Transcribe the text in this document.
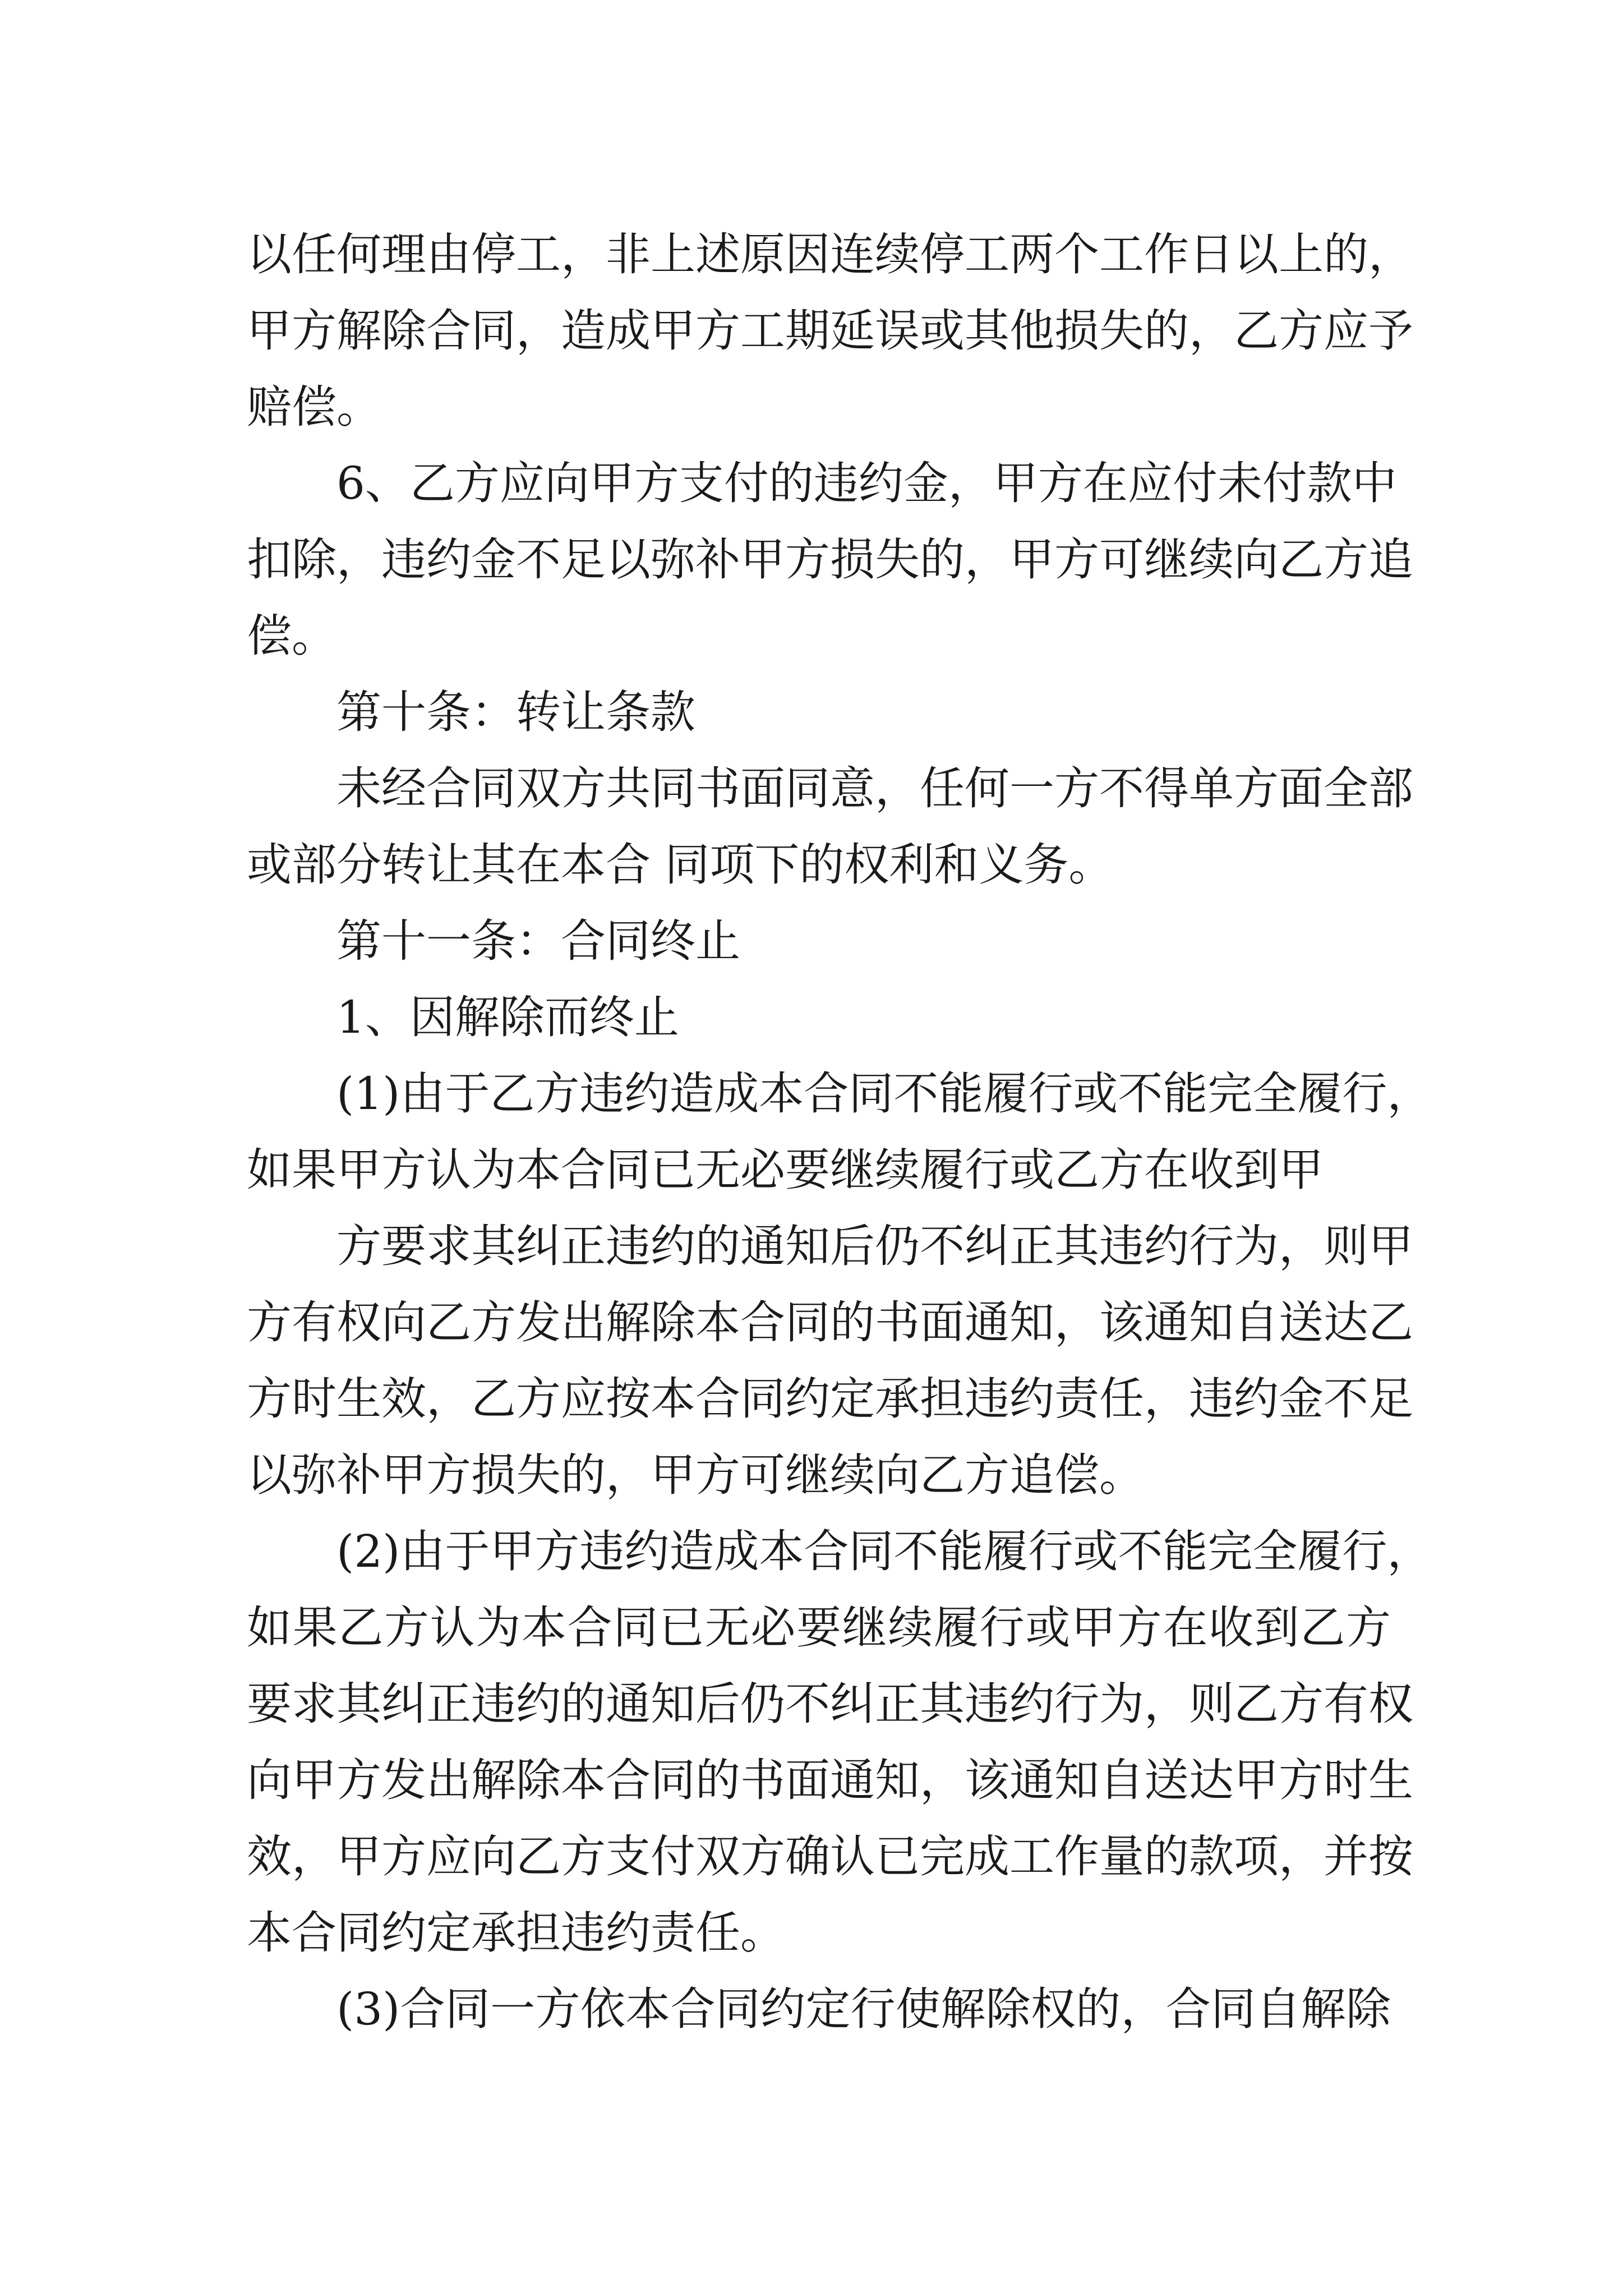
以任何理由停工，非上述原因连续停工两个工作日以上的，
甲方解除合同，造成甲方工期延误或其他损失的，乙方应予
赔偿。
6、乙方应向甲方支付的违约金，甲方在应付未付款中
扣除，违约金不足以弥补甲方损失的，甲方可继续向乙方追
偿。
第十条：转让条款
未经合同双方共同书面同意，任何一方不得单方面全部
或部分转让其在本合 同项下的权利和义务。
第十一条：合同终止
1、因解除而终止
(1)由于乙方违约造成本合同不能履行或不能完全履行，
如果甲方认为本合同已无必要继续履行或乙方在收到甲
方要求其纠正违约的通知后仍不纠正其违约行为，则甲
方有权向乙方发出解除本合同的书面通知，该通知自送达乙
方时生效，乙方应按本合同约定承担违约责任，违约金不足
以弥补甲方损失的，甲方可继续向乙方追偿。
(2)由于甲方违约造成本合同不能履行或不能完全履行，
如果乙方认为本合同已无必要继续履行或甲方在收到乙方
要求其纠正违约的通知后仍不纠正其违约行为，则乙方有权
向甲方发出解除本合同的书面通知，该通知自送达甲方时生
效，甲方应向乙方支付双方确认已完成工作量的款项，并按
本合同约定承担违约责任。
(3)合同一方依本合同约定行使解除权的，合同自解除
